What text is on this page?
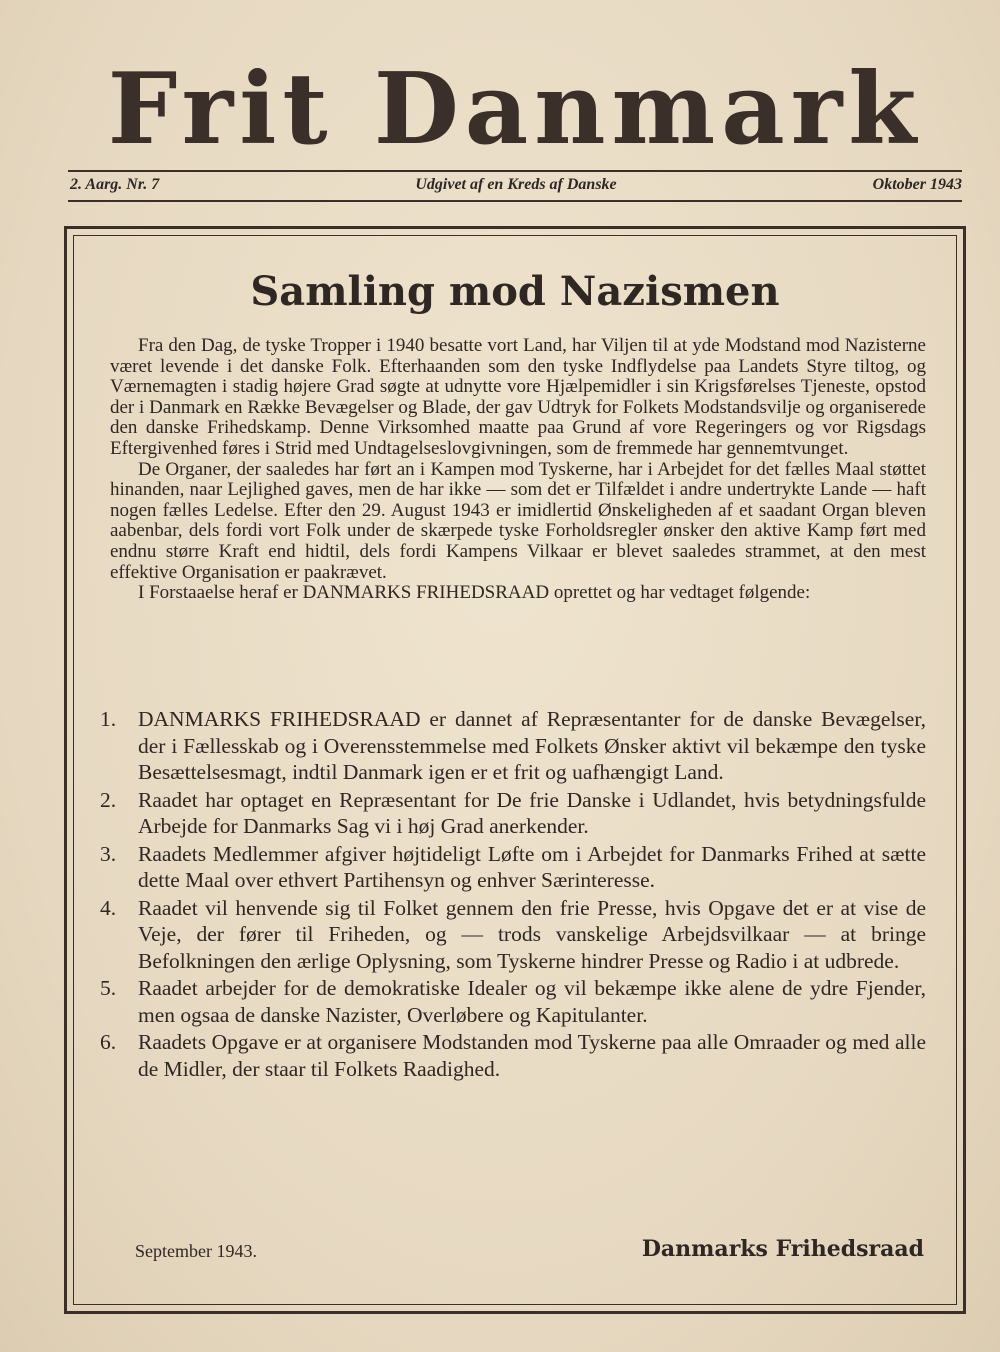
Frit Danmark
2. Aarg. Nr. 7	Udgivet af en Kreds af Danske	Oktober 1943
Samling mod Nazismen

Fra den Dag, de tyske Tropper i 1940 besatte vort Land, har Viljen til at yde Modstand mod Nazisterne været levende i det danske Folk. Efterhaanden som den tyske Indflydelse paa Landets Styre tiltog, og Værnemagten i stadig højere Grad søgte at udnytte vore Hjælpemidler i sin Krigsførelses Tjeneste, opstod der i Danmark en Række Bevægelser og Blade, der gav Udtryk for Folkets Modstandsvilje og organiserede den danske Frihedskamp. Denne Virksomhed maatte paa Grund af vore Regeringers og vor Rigsdags Eftergivenhed føres i Strid med Undtagelseslovgivningen, som de fremmede har gennemtvunget.

De Organer, der saaledes har ført an i Kampen mod Tyskerne, har i Arbejdet for det fælles Maal støttet hinanden, naar Lejlighed gaves, men de har ikke — som det er Tilfældet i andre undertrykte Lande — haft nogen fælles Ledelse. Efter den 29. August 1943 er imidlertid Ønskeligheden af et saadant Organ bleven aabenbar, dels fordi vort Folk under de skærpede tyske Forholdsregler ønsker den aktive Kamp ført med endnu større Kraft end hidtil, dels fordi Kampens Vilkaar er blevet saaledes strammet, at den mest effektive Organisation er paakrævet.

I Forstaaelse heraf er DANMARKS FRIHEDSRAAD oprettet og har vedtaget følgende:

1.	DANMARKS FRIHEDSRAAD er dannet af Repræsentanter for de danske Bevægelser, der i Fællesskab og i Overensstemmelse med Folkets Ønsker aktivt vil bekæmpe den tyske Besættelsesmagt, indtil Danmark igen er et frit og uafhængigt Land.
2.	Raadet har optaget en Repræsentant for De frie Danske i Udlandet, hvis betydningsfulde Arbejde for Danmarks Sag vi i høj Grad anerkender.
3.	Raadets Medlemmer afgiver højtideligt Løfte om i Arbejdet for Danmarks Frihed at sætte dette Maal over ethvert Partihensyn og enhver Særinteresse.
4.	Raadet vil henvende sig til Folket gennem den frie Presse, hvis Opgave det er at vise de Veje, der fører til Friheden, og — trods vanskelige Arbejdsvilkaar — at bringe Befolkningen den ærlige Oplysning, som Tyskerne hindrer Presse og Radio i at udbrede.
5.	Raadet arbejder for de demokratiske Idealer og vil bekæmpe ikke alene de ydre Fjender, men ogsaa de danske Nazister, Overløbere og Kapitulanter.
6.	Raadets Opgave er at organisere Modstanden mod Tyskerne paa alle Omraader og med alle de Midler, der staar til Folkets Raadighed.
September 1943.	Danmarks Frihedsraad
